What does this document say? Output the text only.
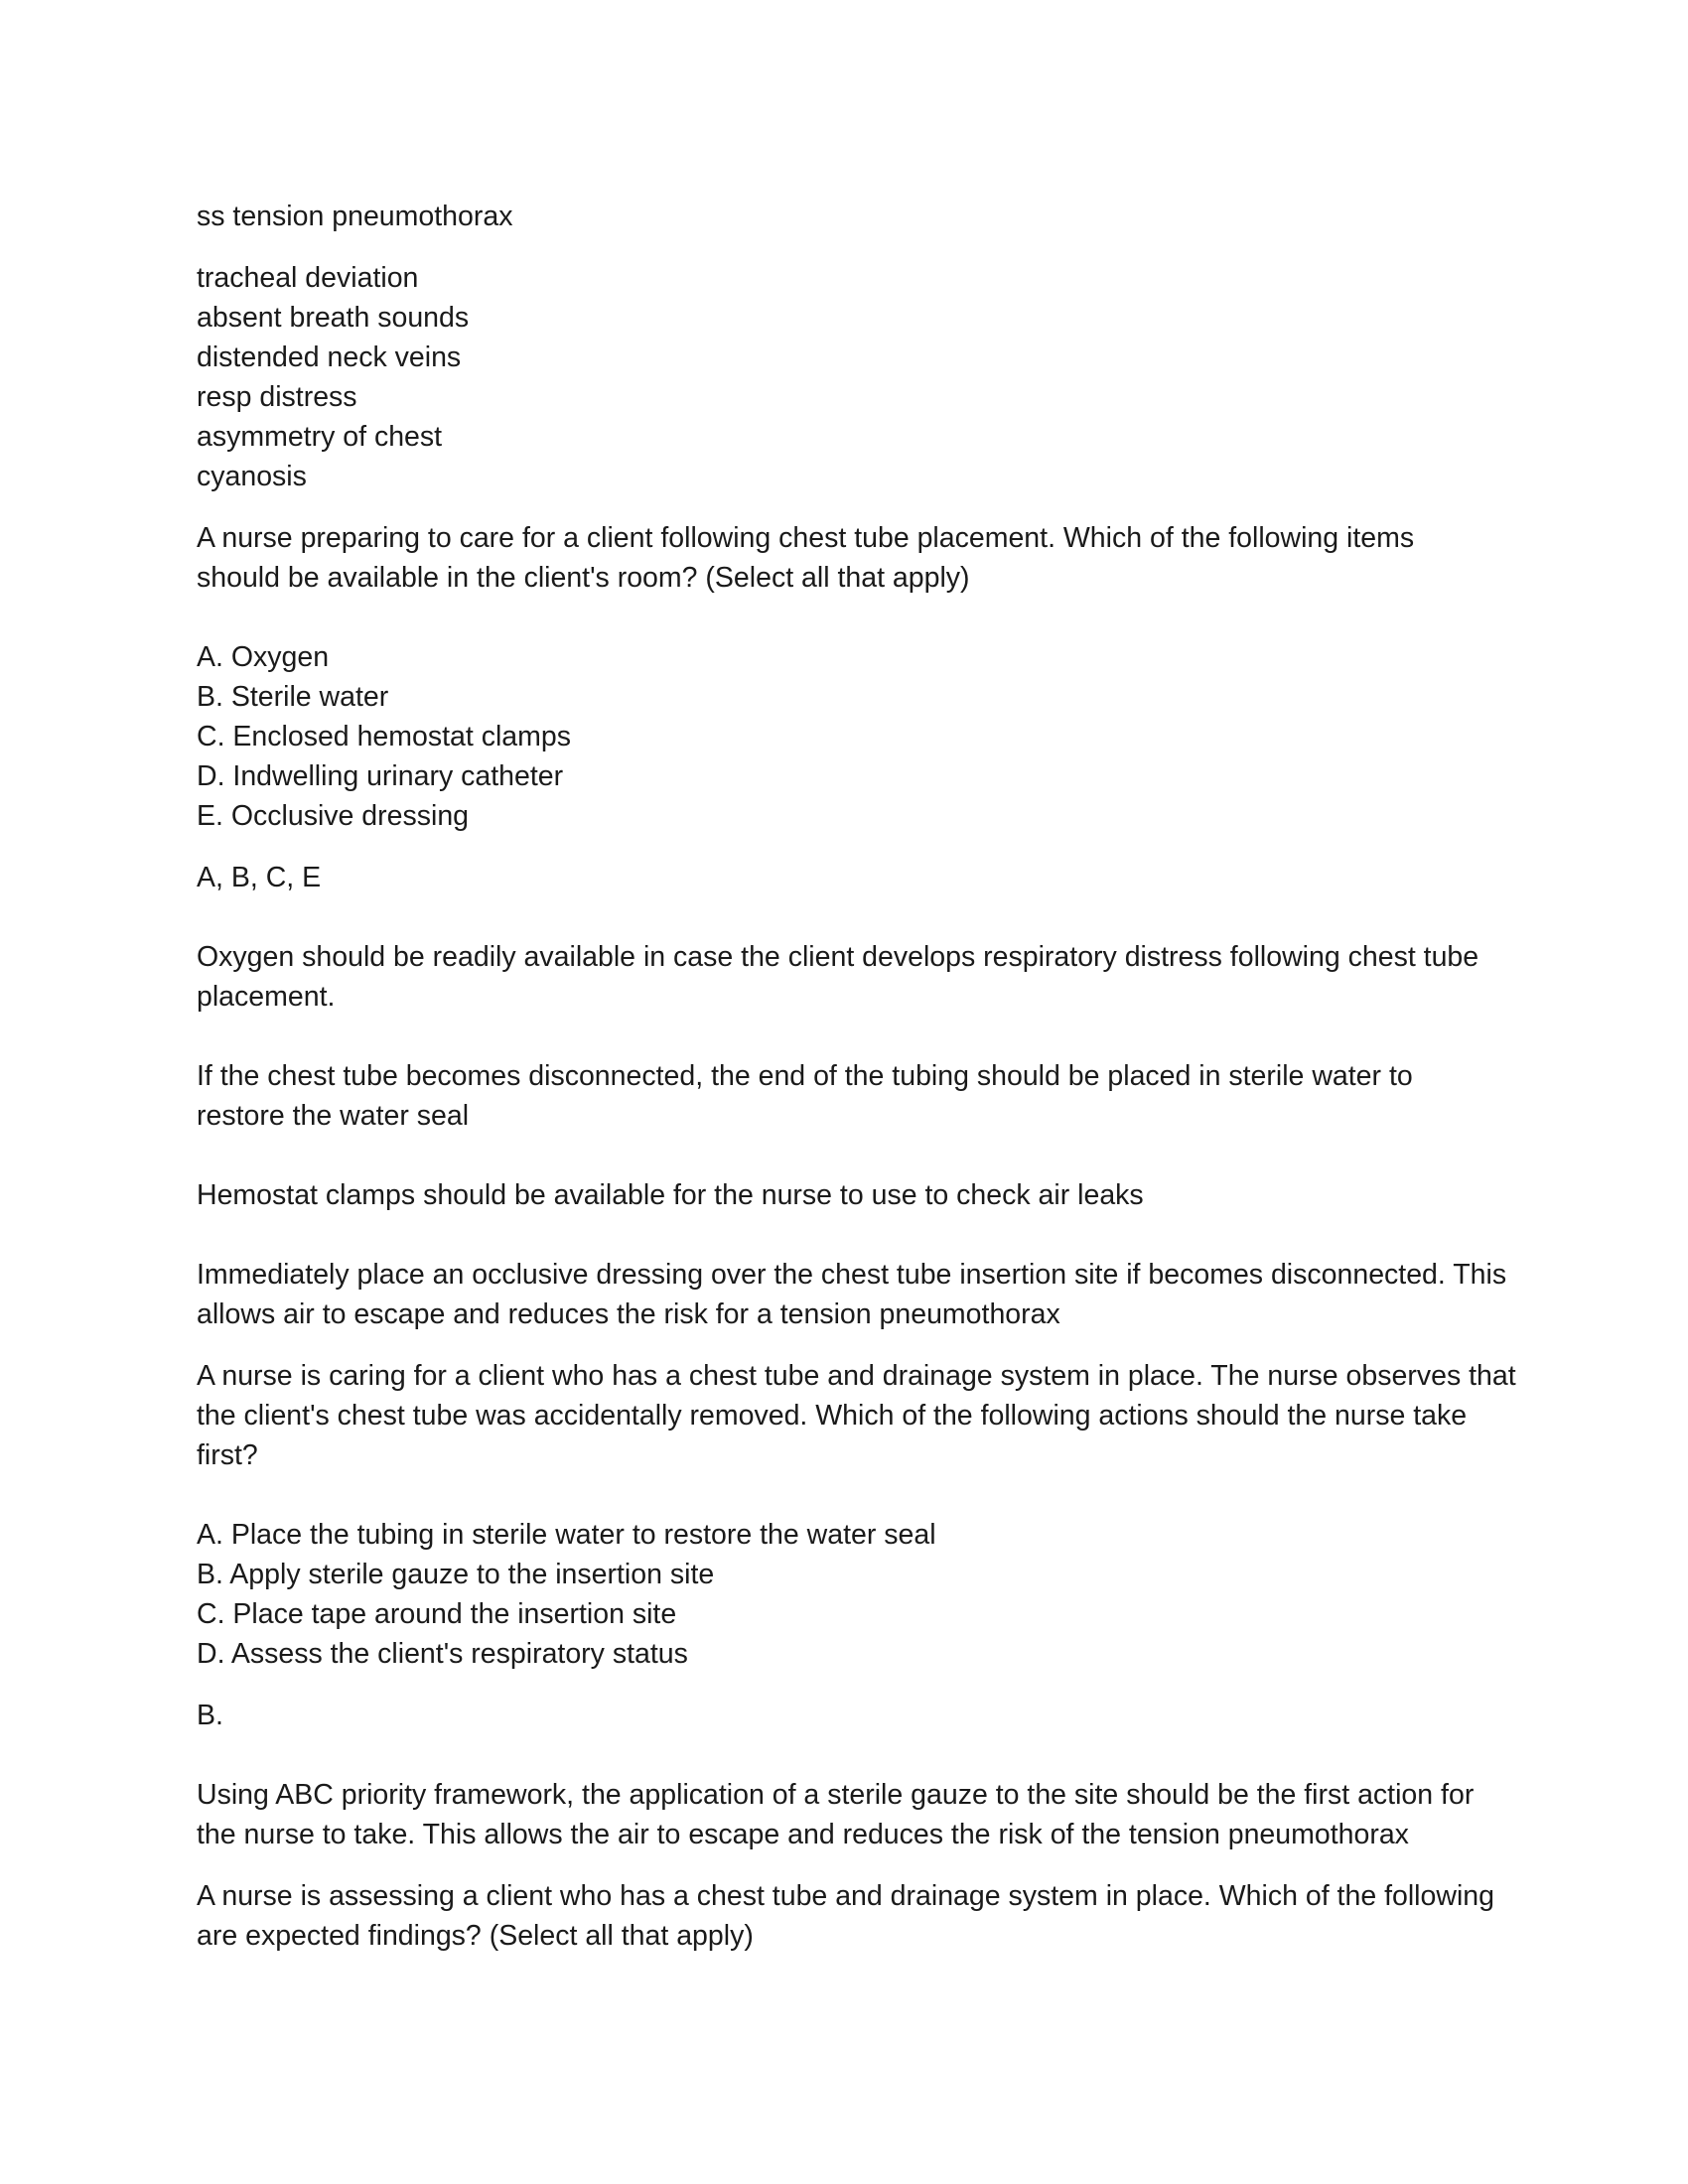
ss tension pneumothorax

tracheal deviation
absent breath sounds
distended neck veins
resp distress
asymmetry of chest
cyanosis

A nurse preparing to care for a client following chest tube placement. Which of the following items
should be available in the client's room? (Select all that apply)

A. Oxygen
B. Sterile water
C. Enclosed hemostat clamps
D. Indwelling urinary catheter
E. Occlusive dressing

A, B, C, E

Oxygen should be readily available in case the client develops respiratory distress following chest tube
placement.

If the chest tube becomes disconnected, the end of the tubing should be placed in sterile water to
restore the water seal

Hemostat clamps should be available for the nurse to use to check air leaks

Immediately place an occlusive dressing over the chest tube insertion site if becomes disconnected. This
allows air to escape and reduces the risk for a tension pneumothorax

A nurse is caring for a client who has a chest tube and drainage system in place. The nurse observes that
the client's chest tube was accidentally removed. Which of the following actions should the nurse take
first?

A. Place the tubing in sterile water to restore the water seal
B. Apply sterile gauze to the insertion site
C. Place tape around the insertion site
D. Assess the client's respiratory status

B.

Using ABC priority framework, the application of a sterile gauze to the site should be the first action for
the nurse to take. This allows the air to escape and reduces the risk of the tension pneumothorax

A nurse is assessing a client who has a chest tube and drainage system in place. Which of the following
are expected findings? (Select all that apply)
